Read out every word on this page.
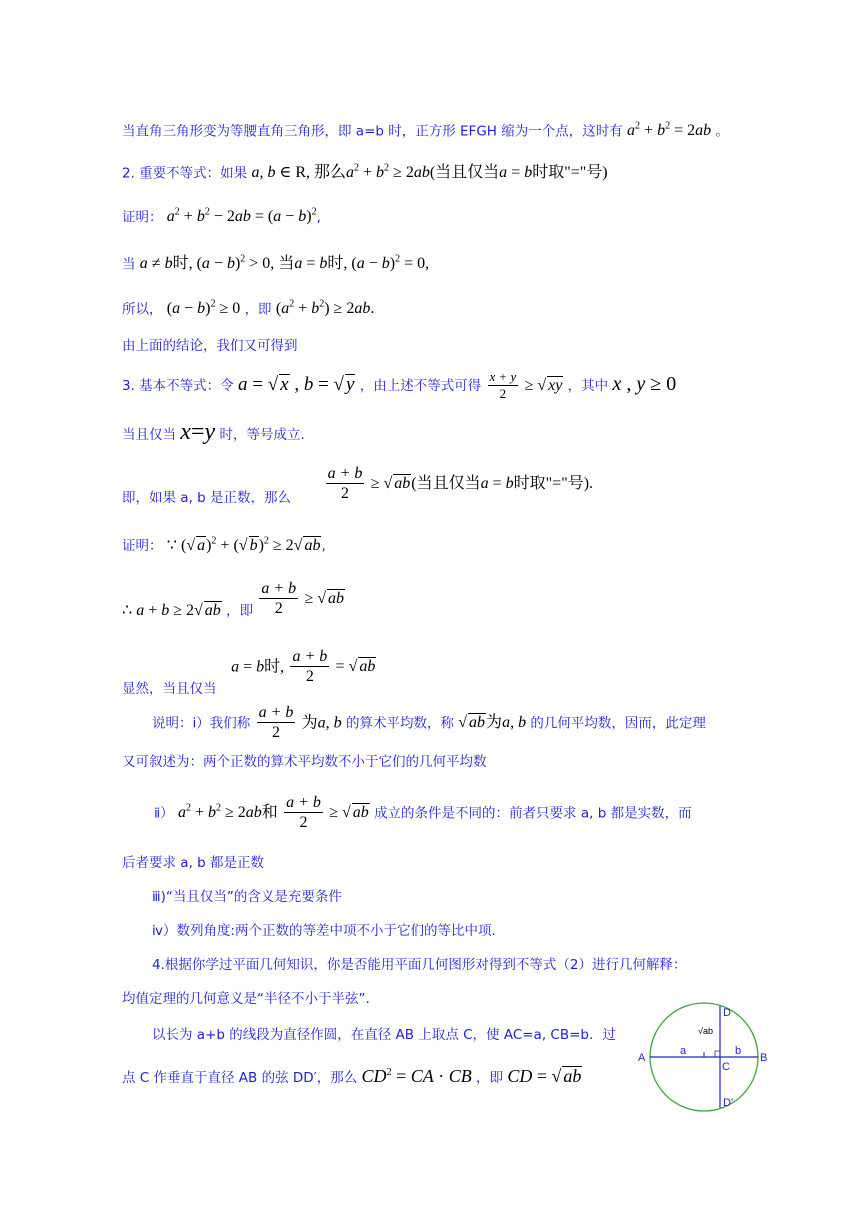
当直角三角形变为等腰直角三角形，即 a=b 时，正方形 EFGH 缩为一个点，这时有 $a^2 + b^2 = 2ab$ 。
2. 重要不等式：如果 a, b ∈ R, 那么$a^2 + b^2 \ge 2ab$(当且仅当a = b时取"="号)
证明： $a^2 + b^2 - 2ab = (a - b)^2$,
当 a ≠ b时, $(a - b)^2 > 0$, 当a = b时, $(a - b)^2 = 0$,
所以， $(a - b)^2 \ge 0$ ，即 $(a^2 + b^2) \ge 2ab$.
由上面的结论，我们又可得到
3. 基本不等式：令 a = √ x , b = √ y ，由上述不等式可得 $\frac{x + y}{2}$ ≥ √ xy ，其中 x , y ≥ 0
当且仅当 x=y 时，等号成立.
即，如果 a, b 是正数，那么 $\frac{a + b}{2}$ ≥ √ ab(当且仅当a = b时取"="号).
证明： ∵ (√ a)$^2$ + (√ b)$^2$ ≥ 2√ ab,
∴ a + b ≥ 2√ ab ，即 $\frac{a + b}{2}$ ≥ √ ab
显然，当且仅当  a = b时, $\frac{a + b}{2}$ = √ ab
说明：ⅰ）我们称 $\frac{a + b}{2}$ 为a, b 的算术平均数，称 √ ab为a, b 的几何平均数，因而，此定理
又可叙述为：两个正数的算术平均数不小于它们的几何平均数
ⅱ） $a^2 + b^2 \ge 2ab$和 $\frac{a + b}{2}$ ≥ √ ab 成立的条件是不同的：前者只要求 a, b 都是实数，而
后者要求 a, b 都是正数
ⅲ)“当且仅当”的含义是充要条件
ⅳ）数列角度:两个正数的等差中项不小于它们的等比中项.
4.根据你学过平面几何知识，你是否能用平面几何图形对得到不等式（2）进行几何解释：
均值定理的几何意义是“半径不小于半弦”.
以长为 a+b 的线段为直径作圆，在直径 AB 上取点 C，使 AC=a, CB=b．过
点 C 作垂直于直径 AB 的弦 DD′，那么 $CD^2$ = CA · CB ，即 CD = √ ab
A	B
C
D
D'
a	b
√ab
